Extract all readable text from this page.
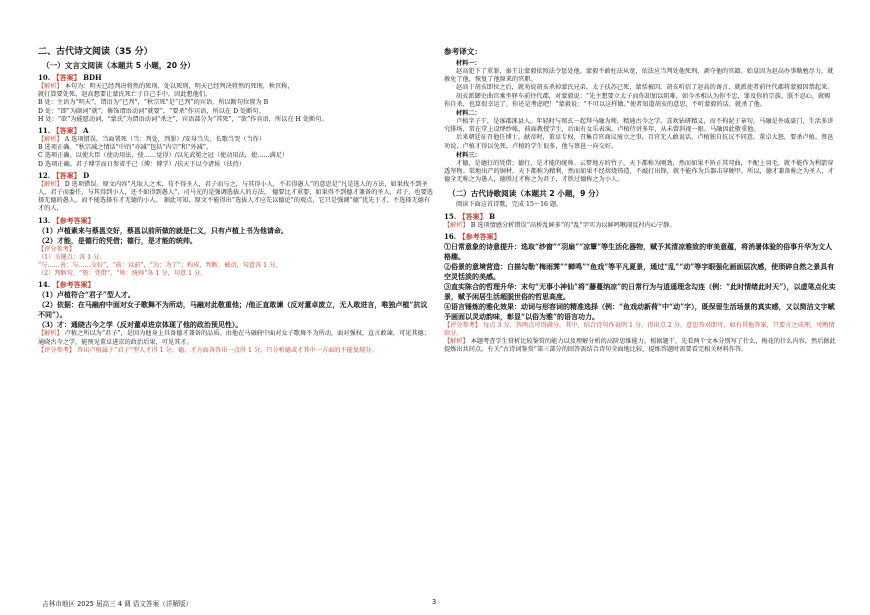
二、古代诗文阅读（35 分）
（一）文言文阅读（本题共 5 小题，20 分）
10. 【答案】 BDH
【解析】 本句为：明天已经判决将然的死刑，处以死刑，明天已经判决将然的死刑，秋官称，
就打算要处死，赵高想要让蒙氏死亡于自己手中，因此想他们。
B 处：主语为“明天”，谓语为“已判”，“秋宗死”是“已判”的宾语，所以断句位置为 B
D 处：“即”为副词“就”，修饰谓语动词“就要”，“要杀”作宾语，所以在 D 处断句。
H 处：“欲”为能愿动词，“蒙氏”为谓语动词“杀之”，宾语部分为“其死”，“欲”作宾语，所以在 H 处断句。
11. 【答案】 A
【解析】 A 选项错误。当面署死（当：判处，判罪）/安身当失、长歌当哭（当作）
B 选项正确。“秋宗减之情话”中的“亦减”包括“内宗”和“外减”。
C 选项正确。以使大臣（使动用法，使……觉得）/以光武冕之冠（使动用法，使……满足）
D 选项正确。君子博学而日参省乎己（博：博学）/扶天下以令诸侯（扶持）
12. 【答案】 D
【解析】 D 选项错误。原文内容“凡取人之术，苟不得圣人，君子而与之，与其得小人，不若得愚人”的意思是“凡是选人的方法，如果找不到圣人、君子而委任，与其得到小人，还不如得到愚人”，司马光的是强调选拔人的方法， 德要比才重要，如果得不到德才兼备的圣人，君子，也要选择无德的愚人，而不能选择有才无德的小人。 据此可知，原文不能得出“选拔人才应先以德论”的观点，它只是强调“德”优先于才，不选择无德有才的人，
13. 【参考答案】
（1）卢植素来与蔡邕交好，蔡邕以前所做的就是仁义，只有卢植上书为他请命。
（2）才能，是德行的凭借；德行，是才能的统帅。
【评分参考】
（1）关键点：各 1 分。
“与……善：与……交好”，“前：以前”，“为：为了”；构成，判断，被动，句意各 1 分。
（2）判断句，“资：凭借”，“帅：统帅”各 1 分，句意 1 分。
14. 【参考答案】
（1）卢植符合“君子”型人才。
（2）依据：在马融府中面对女子歌舞不为所动，马融对此敬重他；/他正直敢谏（反对董卓废立，无人敢进言，唯独卢植“抗议不同”）。
（3）才：通晓古今之学（反对董卓进京体现了他的政治预见性）。
【解析】 卢植之所以为“君子”，是因为他身上具备德才兼备的品质。由他在马融府中面对女子歌舞不为所动，面对强权，直言敢谏，可见其德；通晓古今之学，能预见董卓进京的政治后果，可见其才。
【评分参考】 答出卢植属于“君子”型人才得 1 分，德、才方面各答出一点得 1 分，只分析德或才其中一方面的不能复现分。
参考译文：
材料一：
赵高犯下了重罪，秦王让蒙毅依照法令惩处他。蒙毅不敢枉法从宽，依法应当判处他死刑，剥夺他的官籍。始皇因为赵高办事勤勉尽力，就赦免了他，恢复了他原来的官职。
赵高于胡亥即位之后，就劝说胡亥杀掉蒙氏兄弟。太子扶苏已死，蒙恬被囚。胡亥听信了赵高的谗言，就派使者前往代郡将蒙毅囚禁起来。
胡亥派御史曲宫乘坐驿车前往代郡，对蒙毅说：“先主想要立太子而你却加以阻难，如今丞相认为你不忠，罪及你的宗族。朕不忍心，就赐你自杀，也算很幸运了，你还是考虑吧！”蒙毅说：“不可以这样做。”使者知道胡亥的意思，不听蒙毅的话，就杀了他。
材料二：
卢植字子干，是涿郡涿县人。年轻时与郑玄一起拜马融为师，精通古今之学，喜欢钻研精义，而不拘泥于章句。马融是外戚豪门，生活多讲究排场，常在堂上设绛纱帐，前面教授学生，后面有女乐表演，卢植侍讲多年，从未曾斜视一眼。马融因此敬重他。
后来朝廷征召他任博士。献帝时，董卓专权，召集百官商议废立之事，百官无人敢说话，卢植独自抗议不同意。董卓大怒，要杀卢植。蔡邕劝说，卢植才得以免死。卢植的学生很多，他与蔡邕一向交好。
材料三：
才德，是德行的凭借；德行，是才能的统帅。云梦地方的竹子，天下都称为刚劲，然而如果不矫正其弯曲，不配上羽毛，就不能作为利箭穿透坚物。棠地出产的铜材，天下都称为精利，然而如果不经熔烧铸造，不敲打出锋，就不能作为兵器击穿硬甲。所以，德才兼备称之为圣人，才德全无称之为愚人，德胜过才称之为君子，才胜过德称之为小人。
（二）古代诗歌阅读（本题共 2 小题，9 分）
阅读下面这首诗歌，完成 15～16 题。
15. 【答案】 B
【解析】 B 选项情感分析错误“高桥乱鲜多”的“乱”字实为以鲜鸣啾闹反衬内心宁静。
16. 【参考答案】
①日常意象的诗意提升：选取“纱窗”“羽扇”“凉簟”等生活化器物，赋予其清凉雅致的审美意蕴，将消暑体验的俗事升华为文人格趣。
②俗景的意境营造：白描勾勒“梅雨霁”“蝉鸣”“鱼戏”等平凡夏景，通过“乱”“动”等字眼强化画面层次感，使琐碎自然之景具有空灵恬淡的美感。
③直实陈合的哲理升华：末句“无事小神仙”将“藤蔓纳凉”的日常行为与逍遥理念勾连（例：“此时情绪此时天”），以虚笔点化实景，赋予闲居生活超脱世俗的哲思高度。
④语言锤炼的雅化效果：动词与形容词的精准选择（例：“鱼戏动新荷”中“动”字），既保留生活场景的真实感，又以简洁文字赋予画面以灵动韵味，彰显“以俗为雅”的语言功力。
【评分参考】 每点 3 分，答两点可得满分。其中，结合诗句作说明 1 分，得出点 2 分。意思答对即可，如有其他答案，只要言之成理，可酌情给分。
【解析】 本题考查学生赏析比较鉴赏的能力以及理解分析的高阶思维能力。根据题干，先看两个文本分别写了什么，梅花的什么内容，然后据此提炼出共同点。有关“古诗词鉴赏”第三部分的回答需结合诗句全面地比较，提炼答题时需要看完相关材料作答。
吉林市地区 2025 届高三 4 调 语文答案（详解版）	3
